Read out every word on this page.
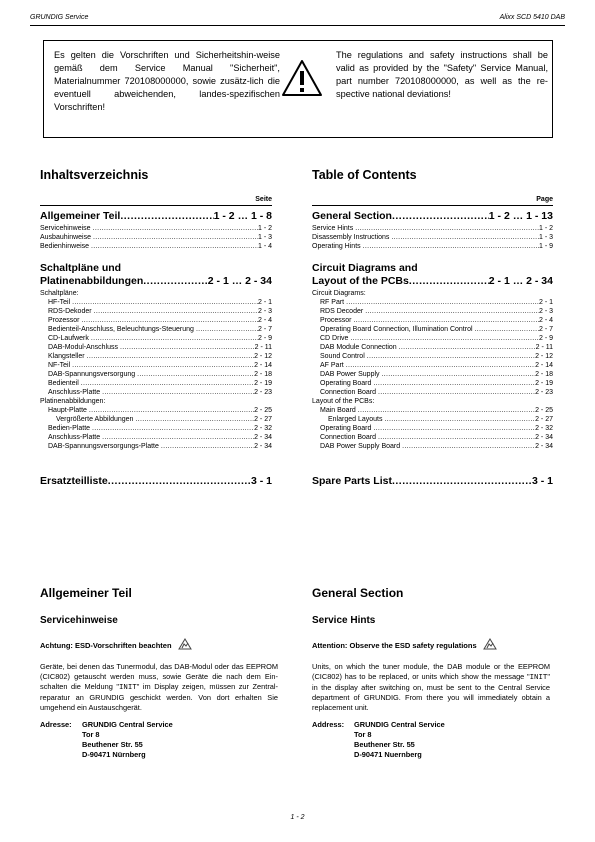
GRUNDIG Service	Alixx SCD 5410 DAB
Es gelten die Vorschriften und Sicherheitshin-weise gemäß dem Service Manual "Sicherheit", Materialnummer 720108000000, sowie zusätz-lich die eventuell abweichenden, landes-spezifischen Vorschriften!
The regulations and safety instructions shall be valid as provided by the "Safety" Service Manual, part number 720108000000, as well as the re-spective national deviations!
Inhaltsverzeichnis
Seite
Allgemeiner Teil .....	1 - 2 … 1 - 8
Servicehinweise .....	1 - 2
Ausbauhinweise .....	1 - 3
Bedienhinweise .....	1 - 4
Schaltpläne und
Platinenabbildungen .....	2 - 1 … 2 - 34
Schaltpläne:
HF-Teil .....	2 - 1
RDS-Dekoder .....	2 - 3
Prozessor .....	2 - 4
Bedienteil-Anschluss, Beleuchtungs-Steuerung .....	2 - 7
CD-Laufwerk .....	2 - 9
DAB-Modul-Anschluss .....	2 - 11
Klangsteller .....	2 - 12
NF-Teil .....	2 - 14
DAB-Spannungsversorgung .....	2 - 18
Bedienteil .....	2 - 19
Anschluss-Platte .....	2 - 23
Platinenabbildungen:
Haupt-Platte .....	2 - 25
Vergrößerte Abbildungen .....	2 - 27
Bedien-Platte .....	2 - 32
Anschluss-Platte .....	2 - 34
DAB-Spannungsversorgungs-Platte .....	2 - 34
Ersatzteilliste .....	3 - 1
Table of Contents
Page
General Section .....	1 - 2 … 1 - 13
Service Hints .....	1 - 2
Disassembly Instructions .....	1 - 3
Operating Hints .....	1 - 9
Circuit Diagrams and
Layout of the PCBs .....	2 - 1 … 2 - 34
Circuit Diagrams:
RF Part .....	2 - 1
RDS Decoder .....	2 - 3
Processor .....	2 - 4
Operating Board Connection, Illumination Control .....	2 - 7
CD Drive .....	2 - 9
DAB Module Connection .....	2 - 11
Sound Control .....	2 - 12
AF Part .....	2 - 14
DAB Power Supply .....	2 - 18
Operating Board .....	2 - 19
Connection Board .....	2 - 23
Layout of the PCBs:
Main Board .....	2 - 25
Enlarged Layouts .....	2 - 27
Operating Board .....	2 - 32
Connection Board .....	2 - 34
DAB Power Supply Board .....	2 - 34
Spare Parts List .....	3 - 1
Allgemeiner Teil
Servicehinweise
Achtung: ESD-Vorschriften beachten
Geräte, bei denen das Tunermodul, das DAB-Modul oder das EEPROM (CIC802) getauscht werden muss, sowie Geräte die nach dem Ein-schalten die Meldung "INIT" im Display zeigen, müssen zur Zentral-reparatur an GRUNDIG geschickt werden. Von dort erhalten Sie umgehend ein Austauschgerät.
Adresse: GRUNDIG Central Service
Tor 8
Beuthener Str. 55
D-90471 Nürnberg
General Section
Service Hints
Attention: Observe the ESD safety regulations
Units, on which the tuner module, the DAB module or the EEPROM (CIC802) has to be replaced, or units which show the message "INIT" in the display after switching on, must be sent to the Central Service department of GRUNDIG. From there you will immediately obtain a replacement unit.
Address: GRUNDIG Central Service
Tor 8
Beuthener Str. 55
D-90471 Nuernberg
1 - 2
